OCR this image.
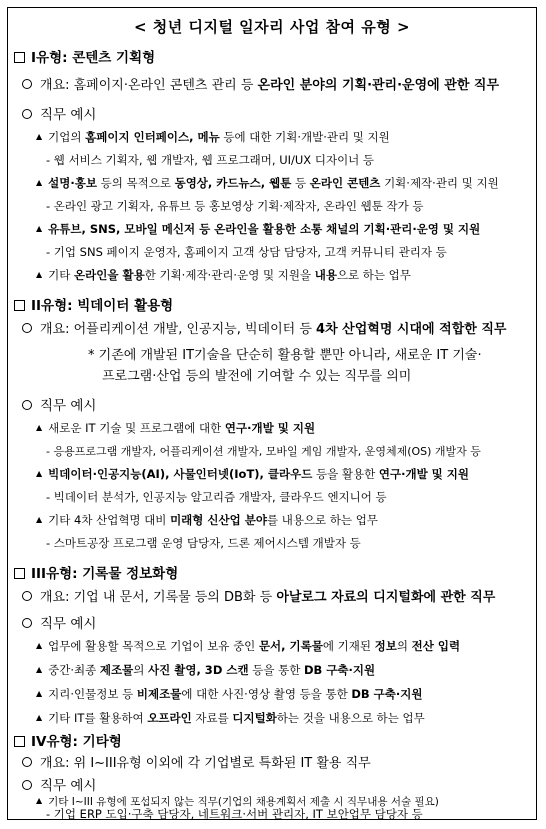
< 청년 디지털 일자리 사업 참여 유형 >
I유형: 콘텐츠 기획형
개요: 홈페이지·온라인 콘텐츠 관리 등 온라인 분야의 기획·관리·운영에 관한 직무
직무 예시
▲ 기업의 홈페이지 인터페이스, 메뉴 등에 대한 기획·개발·관리 및 지원
- 웹 서비스 기획자, 웹 개발자, 웹 프로그래머, UI/UX 디자이너 등
▲ 설명·홍보 등의 목적으로 동영상, 카드뉴스, 웹툰 등 온라인 콘텐츠 기획·제작·관리 및 지원
- 온라인 광고 기획자, 유튜브 등 홍보영상 기획·제작자, 온라인 웹툰 작가 등
▲ 유튜브, SNS, 모바일 메신저 등 온라인을 활용한 소통 채널의 기획·관리·운영 및 지원
- 기업 SNS 페이지 운영자, 홈페이지 고객 상담 담당자, 고객 커뮤니티 관리자 등
▲ 기타 온라인을 활용한 기획·제작·관리·운영 및 지원을 내용으로 하는 업무
II유형: 빅데이터 활용형
개요: 어플리케이션 개발, 인공지능, 빅데이터 등 4차 산업혁명 시대에 적합한 직무
* 기존에 개발된 IT기술을 단순히 활용할 뿐만 아니라, 새로운 IT 기술·
프로그램·산업 등의 발전에 기여할 수 있는 직무를 의미
직무 예시
▲ 새로운 IT 기술 및 프로그램에 대한 연구·개발 및 지원
- 응용프로그램 개발자, 어플리케이션 개발자, 모바일 게임 개발자, 운영체제(OS) 개발자 등
▲ 빅데이터·인공지능(AI), 사물인터넷(IoT), 클라우드 등을 활용한 연구·개발 및 지원
- 빅데이터 분석가, 인공지능 알고리즘 개발자, 클라우드 엔지니어 등
▲ 기타 4차 산업혁명 대비 미래형 신산업 분야를 내용으로 하는 업무
- 스마트공장 프로그램 운영 담당자, 드론 제어시스템 개발자 등
III유형: 기록물 정보화형
개요: 기업 내 문서, 기록물 등의 DB화 등 아날로그 자료의 디지털화에 관한 직무
직무 예시
▲ 업무에 활용할 목적으로 기업이 보유 중인 문서, 기록물에 기재된 정보의 전산 입력
▲ 중간·최종 제조물의 사진 촬영, 3D 스캔 등을 통한 DB 구축·지원
▲ 지리·인물정보 등 비제조물에 대한 사진·영상 촬영 등을 통한 DB 구축·지원
▲ 기타 IT를 활용하여 오프라인 자료를 디지털화하는 것을 내용으로 하는 업무
IV유형: 기타형
개요: 위 I~III유형 이외에 각 기업별로 특화된 IT 활용 직무
직무 예시
▲ 기타 I~III 유형에 포섭되지 않는 직무(기업의 채용계획서 제출 시 직무내용 서술 필요)
- 기업 ERP 도입·구축 담당자, 네트워크·서버 관리자, IT 보안업무 담당자 등
